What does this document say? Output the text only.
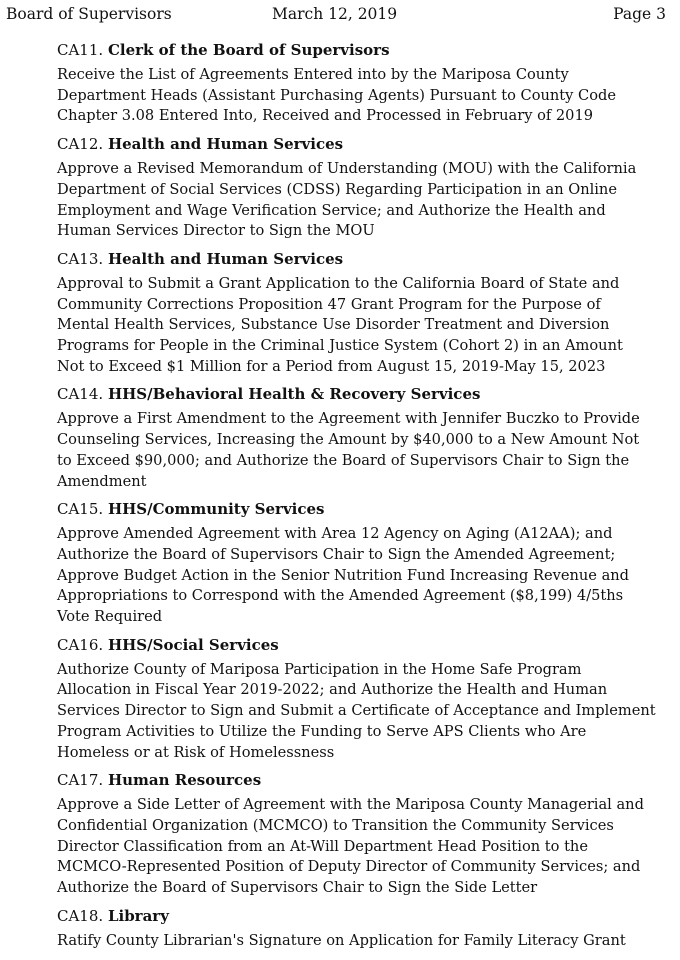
Board of Supervisors	March 12, 2019	Page 3
CA11. Clerk of the Board of Supervisors
Receive the List of Agreements Entered into by the Mariposa County
Department Heads (Assistant Purchasing Agents) Pursuant to County Code
Chapter 3.08 Entered Into, Received and Processed in February of 2019
CA12. Health and Human Services
Approve a Revised Memorandum of Understanding (MOU) with the California
Department of Social Services (CDSS) Regarding Participation in an Online
Employment and Wage Verification Service; and Authorize the Health and
Human Services Director to Sign the MOU
CA13. Health and Human Services
Approval to Submit a Grant Application to the California Board of State and
Community Corrections Proposition 47 Grant Program for the Purpose of
Mental Health Services, Substance Use Disorder Treatment and Diversion
Programs for People in the Criminal Justice System (Cohort 2) in an Amount
Not to Exceed $1 Million for a Period from August 15, 2019-May 15, 2023
CA14. HHS/Behavioral Health & Recovery Services
Approve a First Amendment to the Agreement with Jennifer Buczko to Provide
Counseling Services, Increasing the Amount by $40,000 to a New Amount Not
to Exceed $90,000; and Authorize the Board of Supervisors Chair to Sign the
Amendment
CA15. HHS/Community Services
Approve Amended Agreement with Area 12 Agency on Aging (A12AA); and
Authorize the Board of Supervisors Chair to Sign the Amended Agreement;
Approve Budget Action in the Senior Nutrition Fund Increasing Revenue and
Appropriations to Correspond with the Amended Agreement ($8,199) 4/5ths
Vote Required
CA16. HHS/Social Services
Authorize County of Mariposa Participation in the Home Safe Program
Allocation in Fiscal Year 2019-2022; and Authorize the Health and Human
Services Director to Sign and Submit a Certificate of Acceptance and Implement
Program Activities to Utilize the Funding to Serve APS Clients who Are
Homeless or at Risk of Homelessness
CA17. Human Resources
Approve a Side Letter of Agreement with the Mariposa County Managerial and
Confidential Organization (MCMCO) to Transition the Community Services
Director Classification from an At-Will Department Head Position to the
MCMCO-Represented Position of Deputy Director of Community Services; and
Authorize the Board of Supervisors Chair to Sign the Side Letter
CA18. Library
Ratify County Librarian's Signature on Application for Family Literacy Grant
